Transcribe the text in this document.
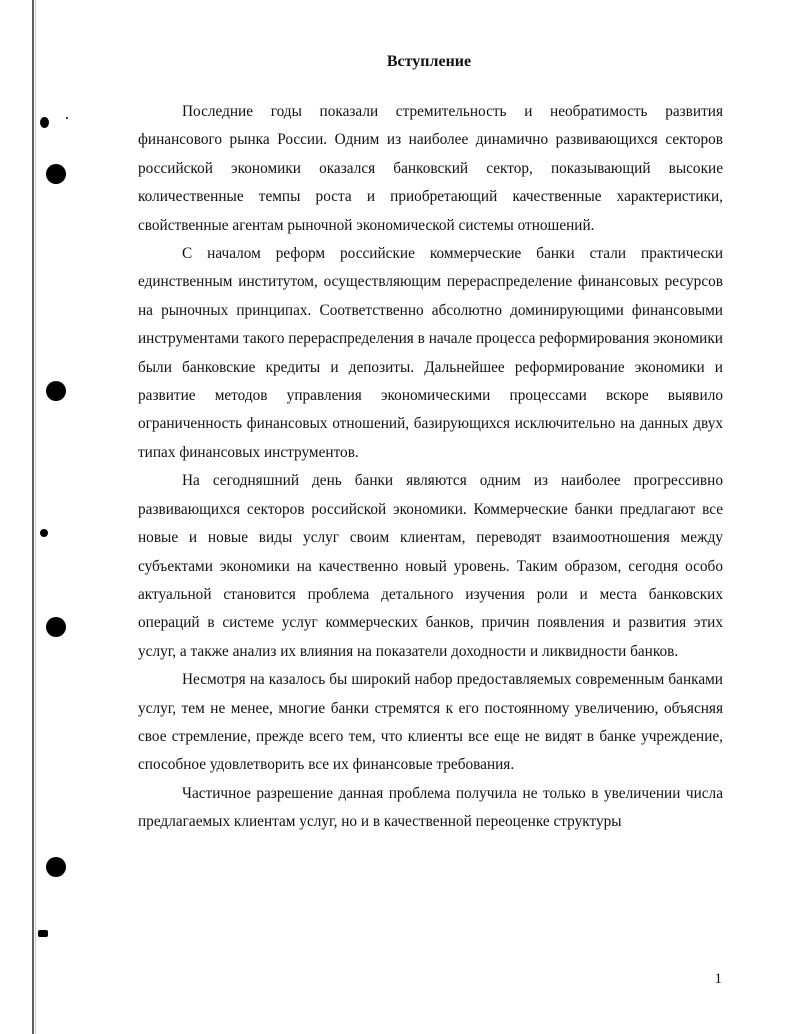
Вступление

Последние годы показали стремительность и необратимость развития финансового рынка России. Одним из наиболее динамично развивающихся секторов российской экономики оказался банковский сектор, показывающий высокие количественные темпы роста и приобретающий качественные характеристики, свойственные агентам рыночной экономической системы отношений.

С началом реформ российские коммерческие банки стали практически единственным институтом, осуществляющим перераспределение финансовых ресурсов на рыночных принципах. Соответственно абсолютно доминирующими финансовыми инструментами такого перераспределения в начале процесса реформирования экономики были банковские кредиты и депозиты. Дальнейшее реформирование экономики и развитие методов управления экономическими процессами вскоре выявило ограниченность финансовых отношений, базирующихся исключительно на данных двух типах финансовых инструментов.

На сегодняшний день банки являются одним из наиболее прогрессивно развивающихся секторов российской экономики. Коммерческие банки предлагают все новые и новые виды услуг своим клиентам, переводят взаимоотношения между субъектами экономики на качественно новый уровень. Таким образом, сегодня особо актуальной становится проблема детального изучения роли и места банковских операций в системе услуг коммерческих банков, причин появления и развития этих услуг, а также анализ их влияния на показатели доходности и ликвидности банков.

Несмотря на казалось бы широкий набор предоставляемых современным банками услуг, тем не менее, многие банки стремятся к его постоянному увеличению, объясняя свое стремление, прежде всего тем, что клиенты все еще не видят в банке учреждение, способное удовлетворить все их финансовые требования.

Частичное разрешение данная проблема получила не только в увеличении числа предлагаемых клиентам услуг, но и в качественной переоценке структуры

1
